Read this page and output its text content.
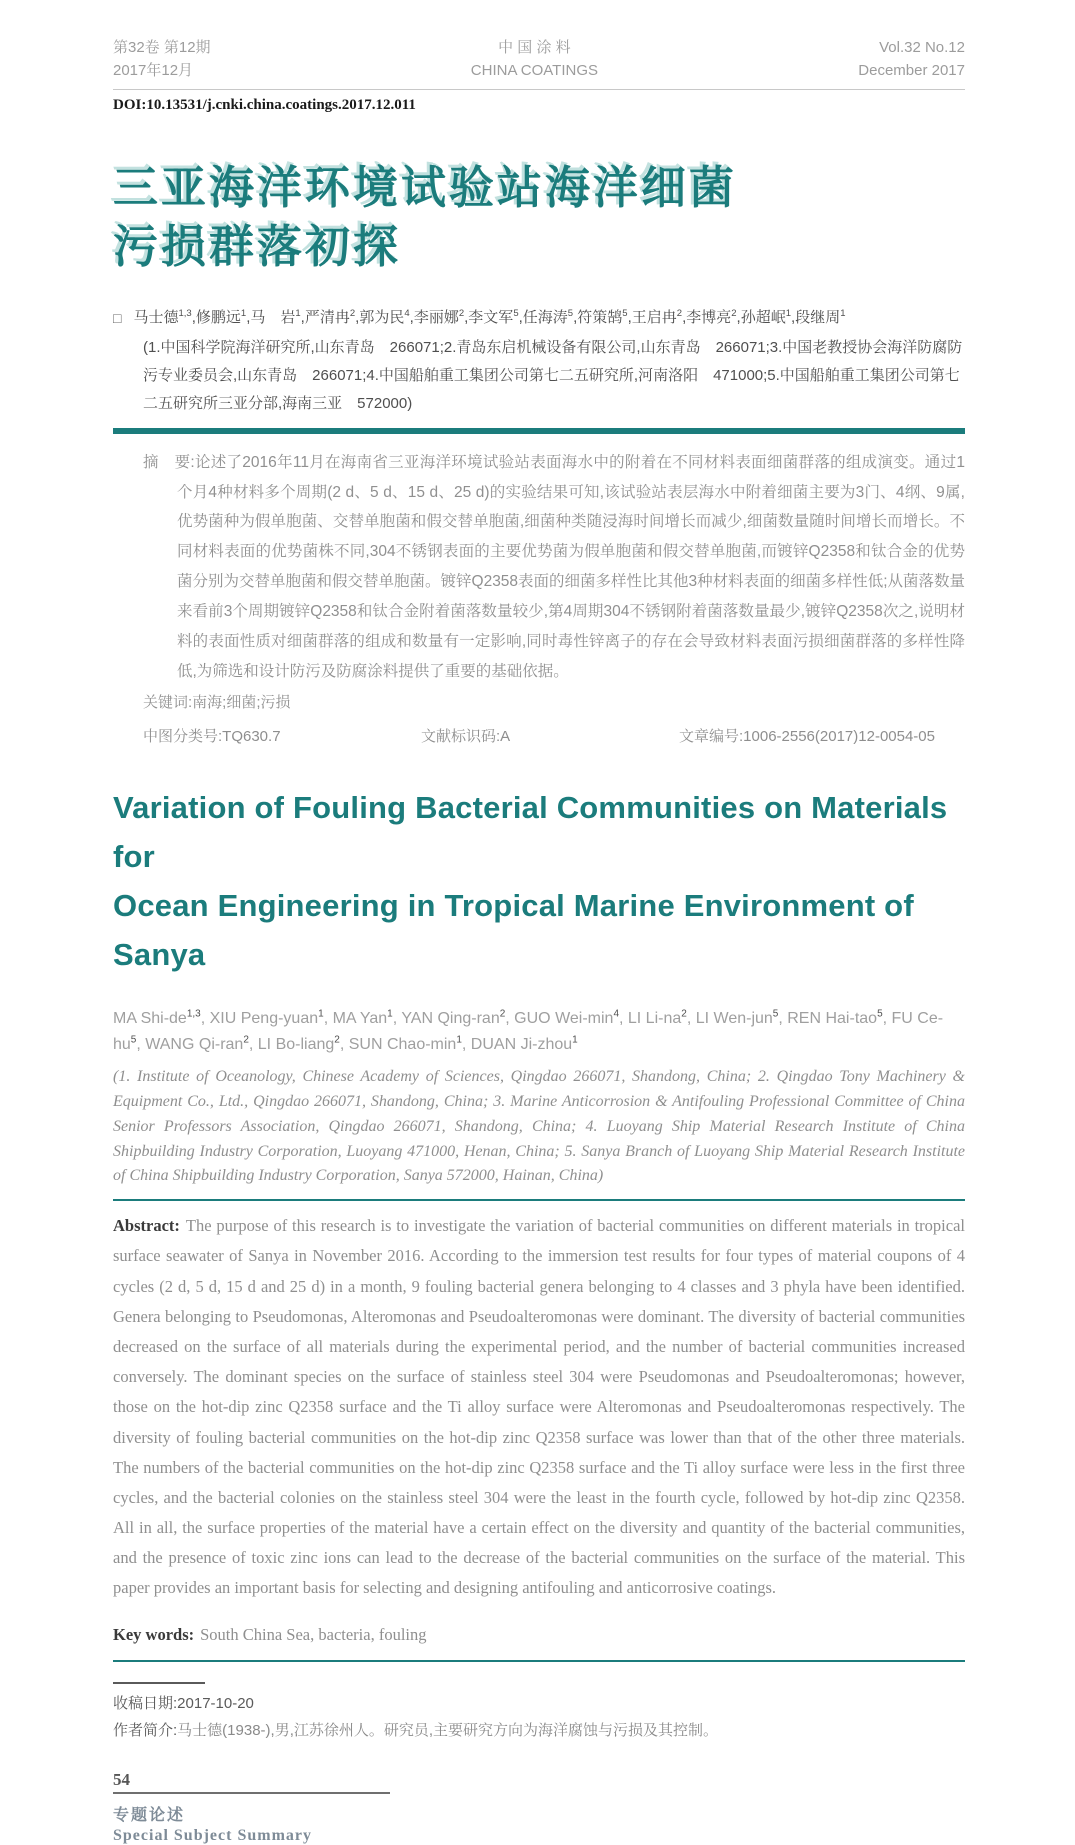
第32卷 第12期
2017年12月
中 国 涂 料
CHINA COATINGS
Vol.32 No.12
December 2017
DOI:10.13531/j.cnki.china.coatings.2017.12.011
三亚海洋环境试验站海洋细菌
污损群落初探
□ 马士德$^{1,3}$,修鹏远$^1$,马　岩$^1$,严清冉$^2$,郭为民$^4$,李丽娜$^2$,李文军$^5$,任海涛$^5$,符策鹄$^5$,王启冉$^2$,李博亮$^2$,孙超岷$^1$,段继周$^1$
(1.中国科学院海洋研究所,山东青岛　266071;2.青岛东启机械设备有限公司,山东青岛　266071;3.中国老教授协会海洋防腐防污专业委员会,山东青岛　266071;4.中国船舶重工集团公司第七二五研究所,河南洛阳　471000;5.中国船舶重工集团公司第七二五研究所三亚分部,海南三亚　572000)

摘　要:论述了2016年11月在海南省三亚海洋环境试验站表面海水中的附着在不同材料表面细菌群落的组成演变。通过1个月4种材料多个周期(2 d、5 d、15 d、25 d)的实验结果可知,该试验站表层海水中附着细菌主要为3门、4纲、9属,优势菌种为假单胞菌、交替单胞菌和假交替单胞菌,细菌种类随浸海时间增长而减少,细菌数量随时间增长而增长。不同材料表面的优势菌株不同,304不锈钢表面的主要优势菌为假单胞菌和假交替单胞菌,而镀锌Q2358和钛合金的优势菌分别为交替单胞菌和假交替单胞菌。镀锌Q2358表面的细菌多样性比其他3种材料表面的细菌多样性低;从菌落数量来看前3个周期镀锌Q2358和钛合金附着菌落数量较少,第4周期304不锈钢附着菌落数量最少,镀锌Q2358次之,说明材料的表面性质对细菌群落的组成和数量有一定影响,同时毒性锌离子的存在会导致材料表面污损细菌群落的多样性降低,为筛选和设计防污及防腐涂料提供了重要的基础依据。

关键词:南海;细菌;污损
中图分类号:TQ630.7	文献标识码:A	文章编号:1006-2556(2017)12-0054-05
Variation of Fouling Bacterial Communities on Materials for
Ocean Engineering in Tropical Marine Environment of Sanya
MA Shi-de$^{1,3}$, XIU Peng-yuan$^1$, MA Yan$^1$, YAN Qing-ran$^2$, GUO Wei-$\min^4$, LI $Li-na^2$, LI Wen-jun$^5$, REN Hai-tao$^5$, FU $Ce-hu^5$, WANG Qi-ran$^2$, LI Bo-liang$^2$, SUN Chao-$\min^1$, DUAN Ji-zhou$^1$
(1. Institute of Oceanology, Chinese Academy of Sciences, Qingdao 266071, Shandong, China; 2. Qingdao Tony Machinery & Equipment Co., Ltd., Qingdao 266071, Shandong, China; 3. Marine Anticorrosion & Antifouling Professional Committee of China Senior Professors Association, Qingdao 266071, Shandong, China; 4. Luoyang Ship Material Research Institute of China Shipbuilding Industry Corporation, Luoyang 471000, Henan, China; 5. Sanya Branch of Luoyang Ship Material Research Institute of China Shipbuilding Industry Corporation, Sanya 572000, Hainan, China)

Abstract: The purpose of this research is to investigate the variation of bacterial communities on different materials in tropical surface seawater of Sanya in November 2016. According to the immersion test results for four types of material coupons of 4 cycles (2 d, 5 d, 15 d and 25 d) in a month, 9 fouling bacterial genera belonging to 4 classes and 3 phyla have been identified. Genera belonging to Pseudomonas, Alteromonas and Pseudoalteromonas were dominant. The diversity of bacterial communities decreased on the surface of all materials during the experimental period, and the number of bacterial communities increased conversely. The dominant species on the surface of stainless steel 304 were Pseudomonas and Pseudoalteromonas; however, those on the hot-dip zinc Q2358 surface and the Ti alloy surface were Alteromonas and Pseudoalteromonas respectively. The diversity of fouling bacterial communities on the hot-dip zinc Q2358 surface was lower than that of the other three materials. The numbers of the bacterial communities on the hot-dip zinc Q2358 surface and the Ti alloy surface were less in the first three cycles, and the bacterial colonies on the stainless steel 304 were the least in the fourth cycle, followed by hot-dip zinc Q2358. All in all, the surface properties of the material have a certain effect on the diversity and quantity of the bacterial communities, and the presence of toxic zinc ions can lead to the decrease of the bacterial communities on the surface of the material. This paper provides an important basis for selecting and designing antifouling and anticorrosive coatings.

Key words: South China Sea, bacteria, fouling
收稿日期:2017-10-20
作者简介:马士德(1938-),男,江苏徐州人。研究员,主要研究方向为海洋腐蚀与污损及其控制。
54
专题论述
Special Subject Summary
